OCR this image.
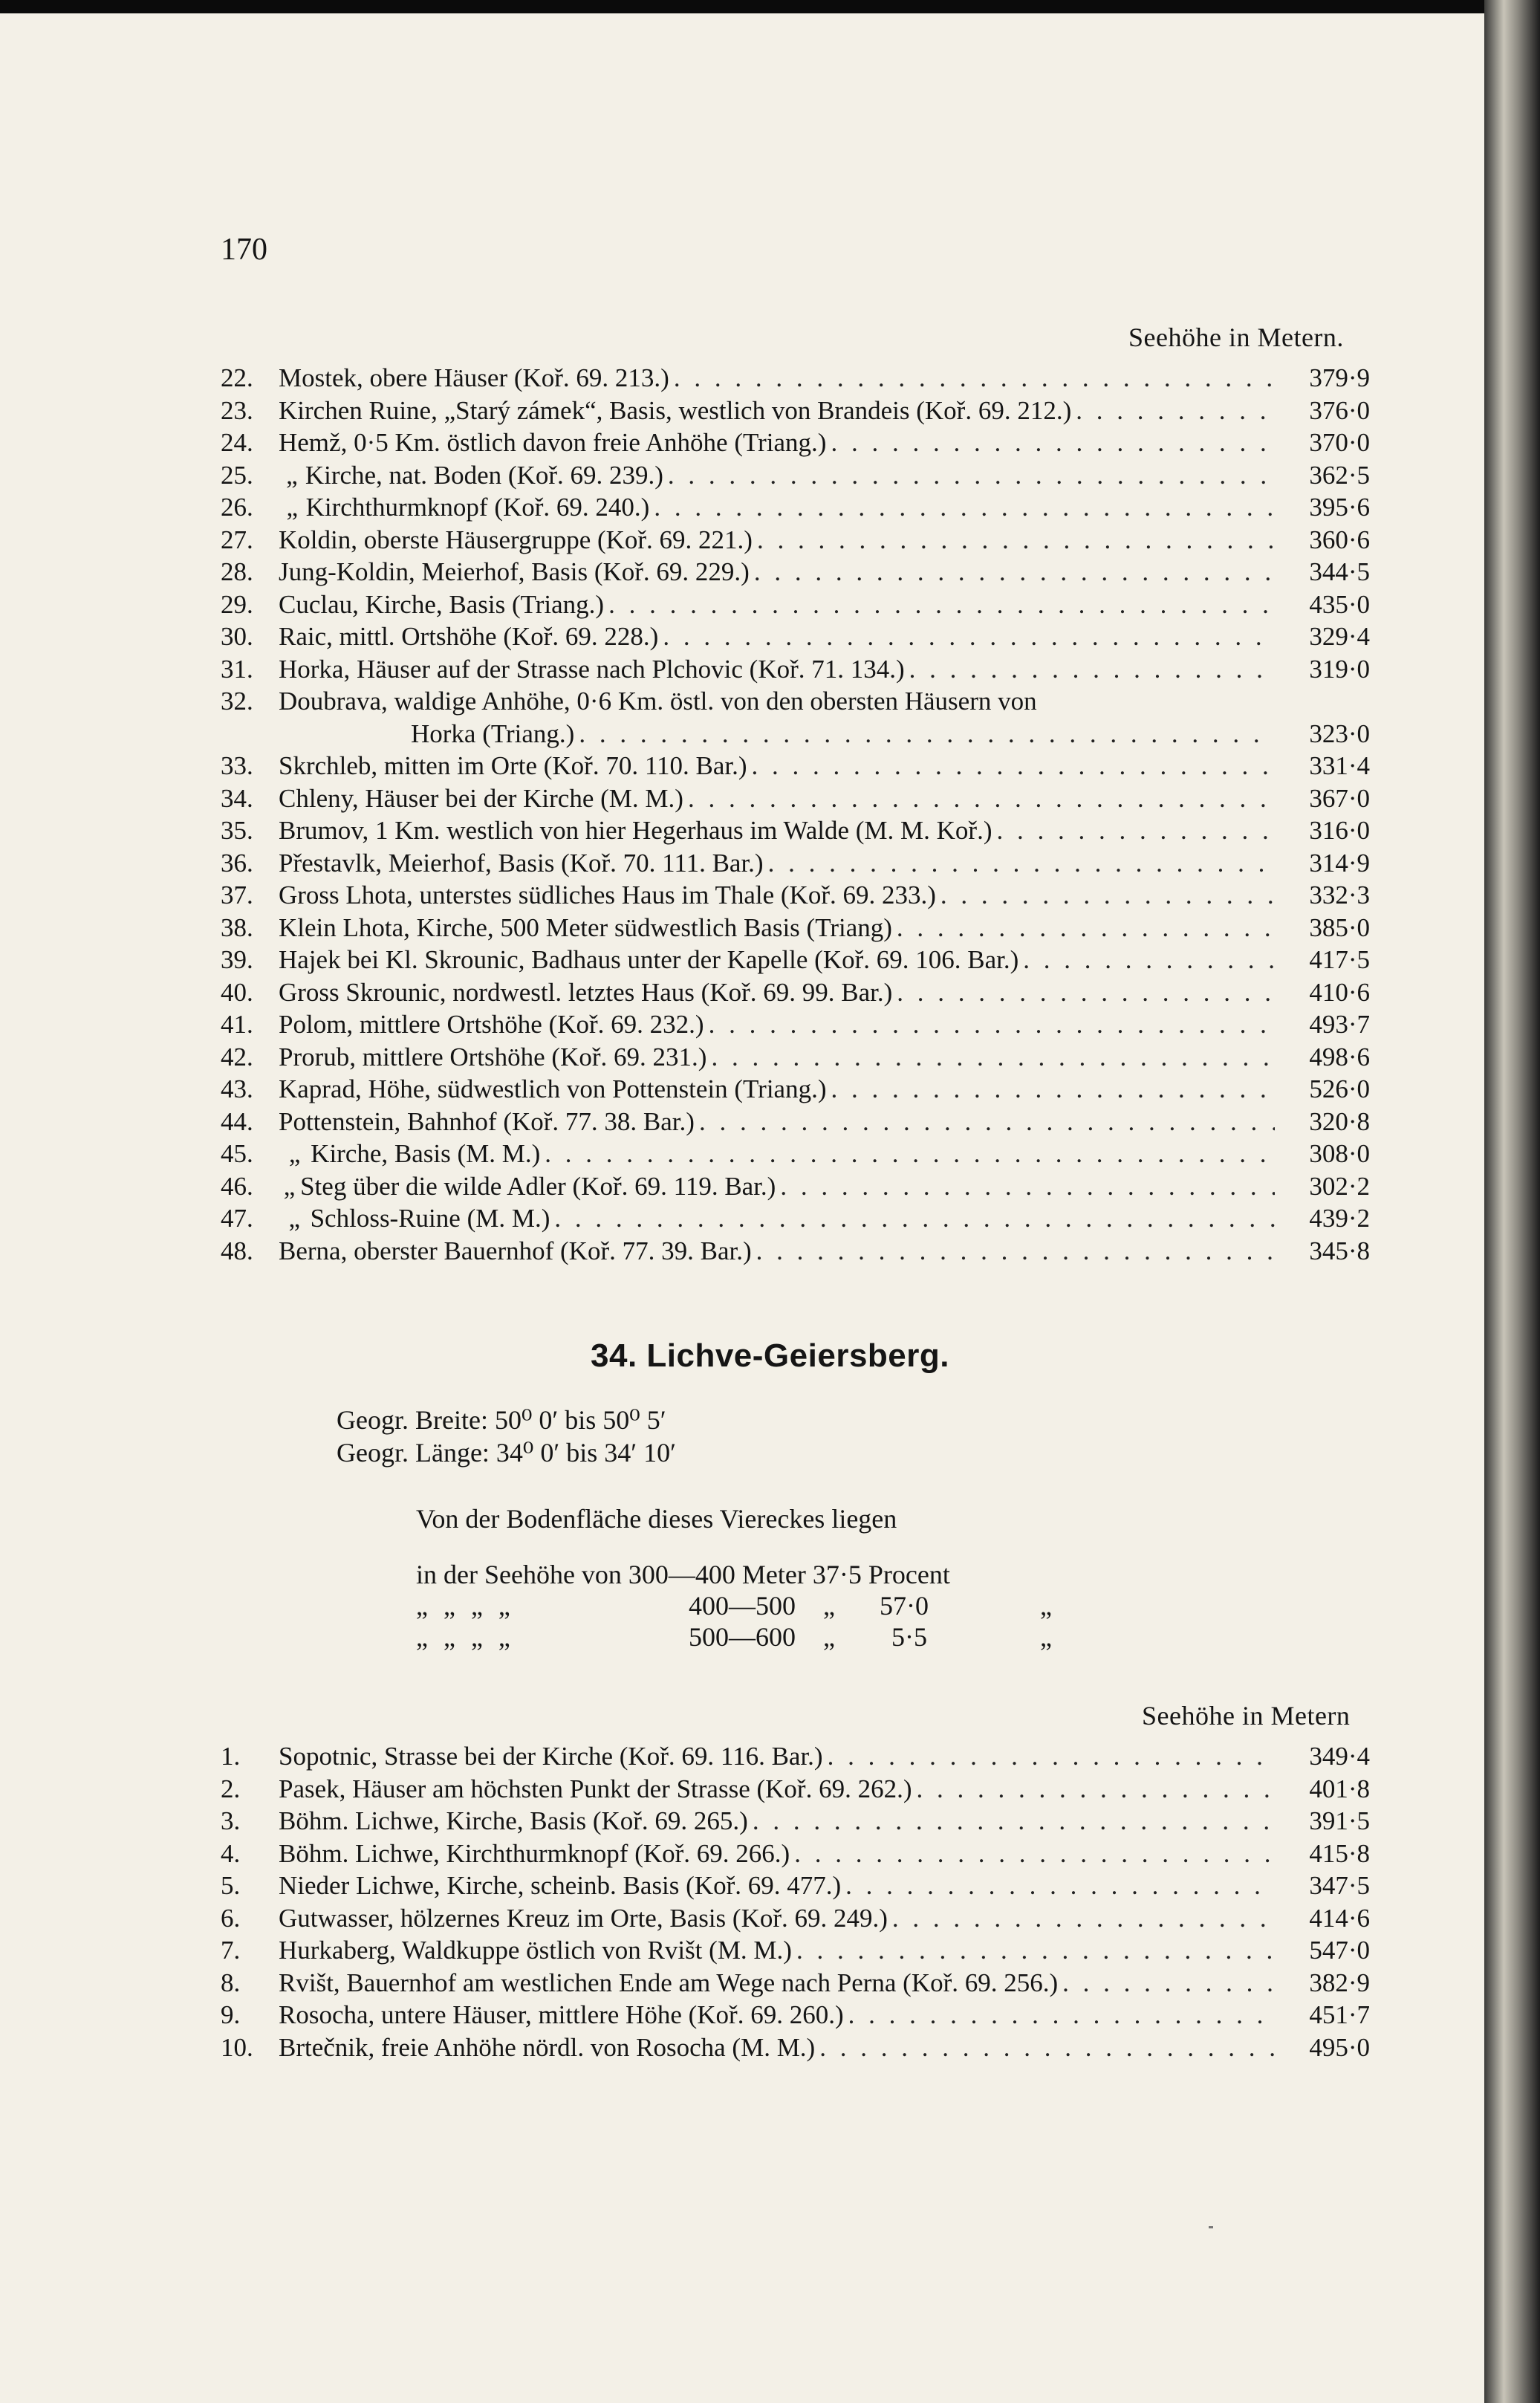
170
Seehöhe in Metern.
22. Mostek, obere Häuser (Koř. 69. 213.) . . .	379·9
23. Kirchen Ruine, „Starý zámek“, Basis, westlich von Brandeis (Koř. 69. 212.) . . .	376·0
24. Hemž, 0·5 Km. östlich davon freie Anhöhe (Triang.) . . .	370·0
25.	„ Kirche, nat. Boden (Koř. 69. 239.) . . .	362·5
26.	„ Kirchthurmknopf (Koř. 69. 240.) . . .	395·6
27. Koldin, oberste Häusergruppe (Koř. 69. 221.) . . .	360·6
28. Jung-Koldin, Meierhof, Basis (Koř. 69. 229.) . . .	344·5
29. Cuclau, Kirche, Basis (Triang.) . . .	435·0
30. Raic, mittl. Ortshöhe (Koř. 69. 228.) . . .	329·4
31. Horka, Häuser auf der Strasse nach Plchovic (Koř. 71. 134.) . . .	319·0
32. Doubrava, waldige Anhöhe, 0·6 Km. östl. von den obersten Häusern von
Horka (Triang.) . . .	323·0
33. Skrchleb, mitten im Orte (Koř. 70. 110. Bar.) . . .	331·4
34. Chleny, Häuser bei der Kirche (M. M.) . . .	367·0
35. Brumov, 1 Km. westlich von hier Hegerhaus im Walde (M. M. Koř.) . . .	316·0
36. Přestavlk, Meierhof, Basis (Koř. 70. 111. Bar.) . . .	314·9
37. Gross Lhota, unterstes südliches Haus im Thale (Koř. 69. 233.) . . .	332·3
38. Klein Lhota, Kirche, 500 Meter südwestlich Basis (Triang) . . .	385·0
39. Hajek bei Kl. Skrounic, Badhaus unter der Kapelle (Koř. 69. 106. Bar.) . . .	417·5
40. Gross Skrounic, nordwestl. letztes Haus (Koř. 69. 99. Bar.) . . .	410·6
41. Polom, mittlere Ortshöhe (Koř. 69. 232.) . . .	493·7
42. Prorub, mittlere Ortshöhe (Koř. 69. 231.) . . .	498·6
43. Kaprad, Höhe, südwestlich von Pottenstein (Triang.) . . .	526·0
44. Pottenstein, Bahnhof (Koř. 77. 38. Bar.) . . .	320·8
45.	„ Kirche, Basis (M. M.) . . .	308·0
46.	„ Steg über die wilde Adler (Koř. 69. 119. Bar.) . . .	302·2
47.	„ Schloss-Ruine (M. M.) . . .	439·2
48. Berna, oberster Bauernhof (Koř. 77. 39. Bar.) . . .	345·8
34. Lichve-Geiersberg.
Geogr. Breite: 50⁰ 0′ bis 50⁰ 5′
Geogr. Länge: 34⁰ 0′ bis 34′ 10′
Von der Bodenfläche dieses Viereckes liegen
in der Seehöhe von 300—400 Meter 37·5 Procent
„ „ „ „	400—500 „ 57·0	„
„ „ „ „	500—600 „ 5·5	„
Seehöhe in Metern
1.	Sopotnic, Strasse bei der Kirche (Koř. 69. 116. Bar.) . . .	349·4
2.	Pasek, Häuser am höchsten Punkt der Strasse (Koř. 69. 262.) . . .	401·8
3.	Böhm. Lichwe, Kirche, Basis (Koř. 69. 265.) . . .	391·5
4.	Böhm. Lichwe, Kirchthurmknopf (Koř. 69. 266.) . . .	415·8
5.	Nieder Lichwe, Kirche, scheinb. Basis (Koř. 69. 477.) . . .	347·5
6.	Gutwasser, hölzernes Kreuz im Orte, Basis (Koř. 69. 249.) . . .	414·6
7.	Hurkaberg, Waldkuppe östlich von Rvišt (M. M.) . . .	547·0
8.	Rvišt, Bauernhof am westlichen Ende am Wege nach Perna (Koř. 69. 256.) . . .	382·9
9.	Rosocha, untere Häuser, mittlere Höhe (Koř. 69. 260.) . . .	451·7
10. Brtečnik, freie Anhöhe nördl. von Rosocha (M. M.) . . .	495·0
